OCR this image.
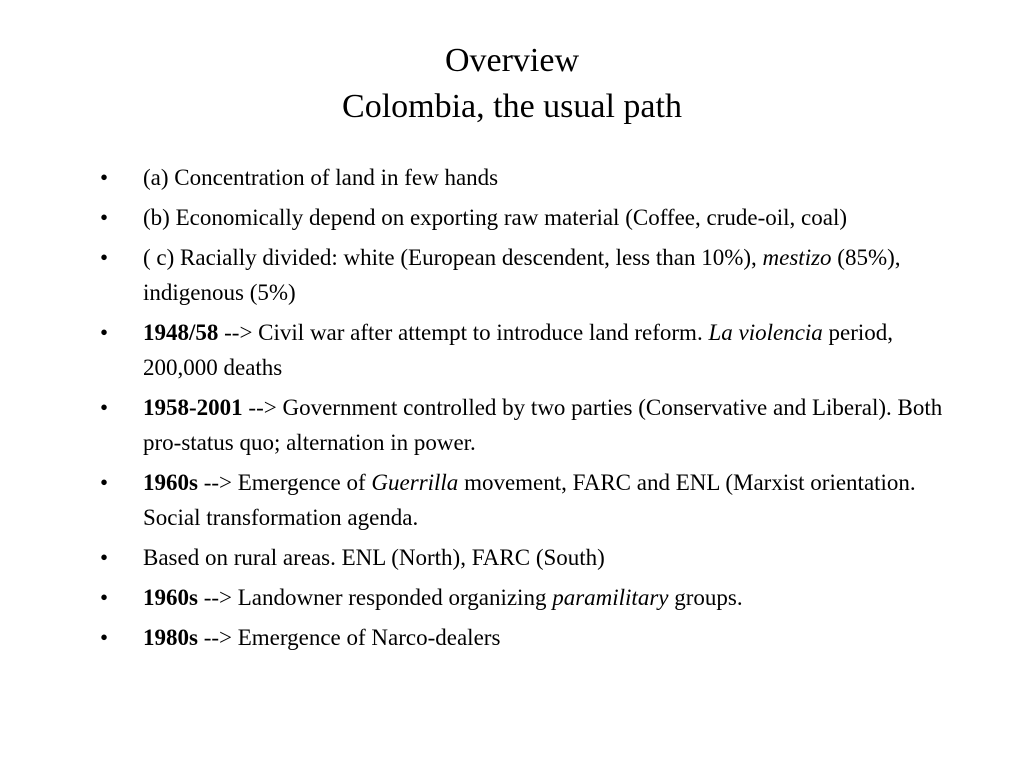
Overview
Colombia, the usual path
•	(a) Concentration of land in few hands
•	(b) Economically depend on exporting raw material (Coffee, crude-oil, coal)
•	( c) Racially divided: white (European descendent, less than 10%), mestizo (85%), indigenous (5%)
•	1948/58 --> Civil war after attempt to introduce land reform. La violencia period, 200,000 deaths
•	1958-2001 --> Government controlled by two parties (Conservative and Liberal). Both pro-status quo; alternation in power.
•	1960s --> Emergence of Guerrilla movement, FARC and ENL (Marxist orientation. Social transformation agenda.
•	Based on rural areas. ENL (North), FARC (South)
•	1960s --> Landowner responded organizing paramilitary groups.
•	1980s --> Emergence of Narco-dealers
